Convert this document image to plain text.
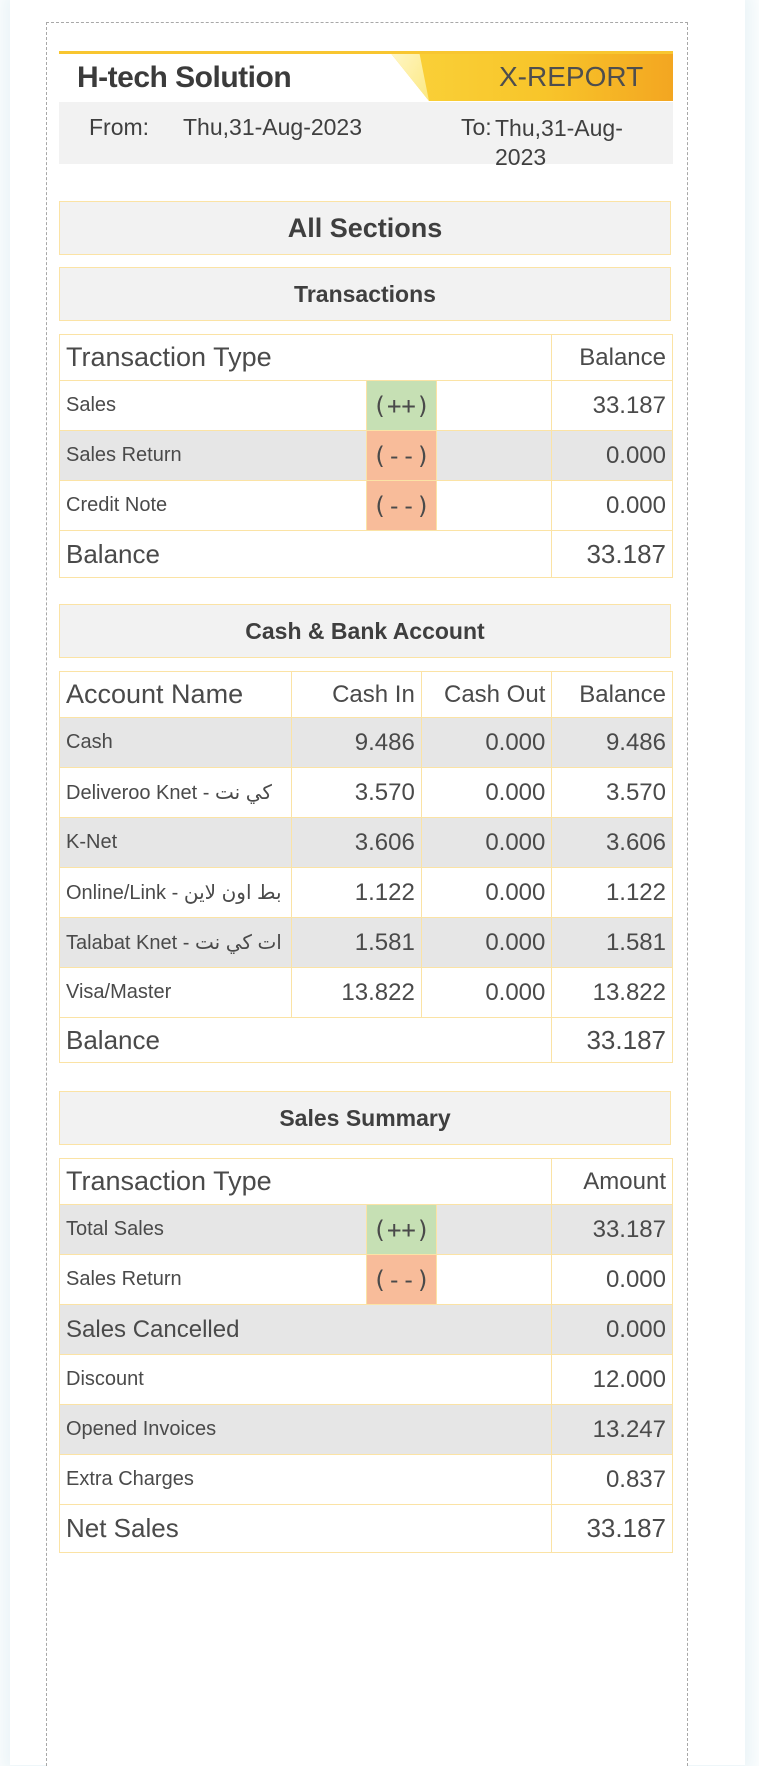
H-tech Solution	X-REPORT
From: Thu,31-Aug-2023	To: Thu,31-Aug-2023
All Sections
Transactions
Transaction Type			Balance
Sales	(++)		33.187
Sales Return	(--)		0.000
Credit Note	(--)		0.000
Balance			33.187
Cash & Bank Account
Account Name	Cash In	Cash Out	Balance
Cash	9.486	0.000	9.486
Deliveroo Knet - كي نت	3.570	0.000	3.570
K-Net	3.606	0.000	3.606
Online/Link - بط اون لاين	1.122	0.000	1.122
Talabat Knet - ات كي نت	1.581	0.000	1.581
Visa/Master	13.822	0.000	13.822
Balance			33.187
Sales Summary
Transaction Type			Amount
Total Sales	(++)		33.187
Sales Return	(--)		0.000
Sales Cancelled			0.000
Discount			12.000
Opened Invoices			13.247
Extra Charges			0.837
Net Sales			33.187
